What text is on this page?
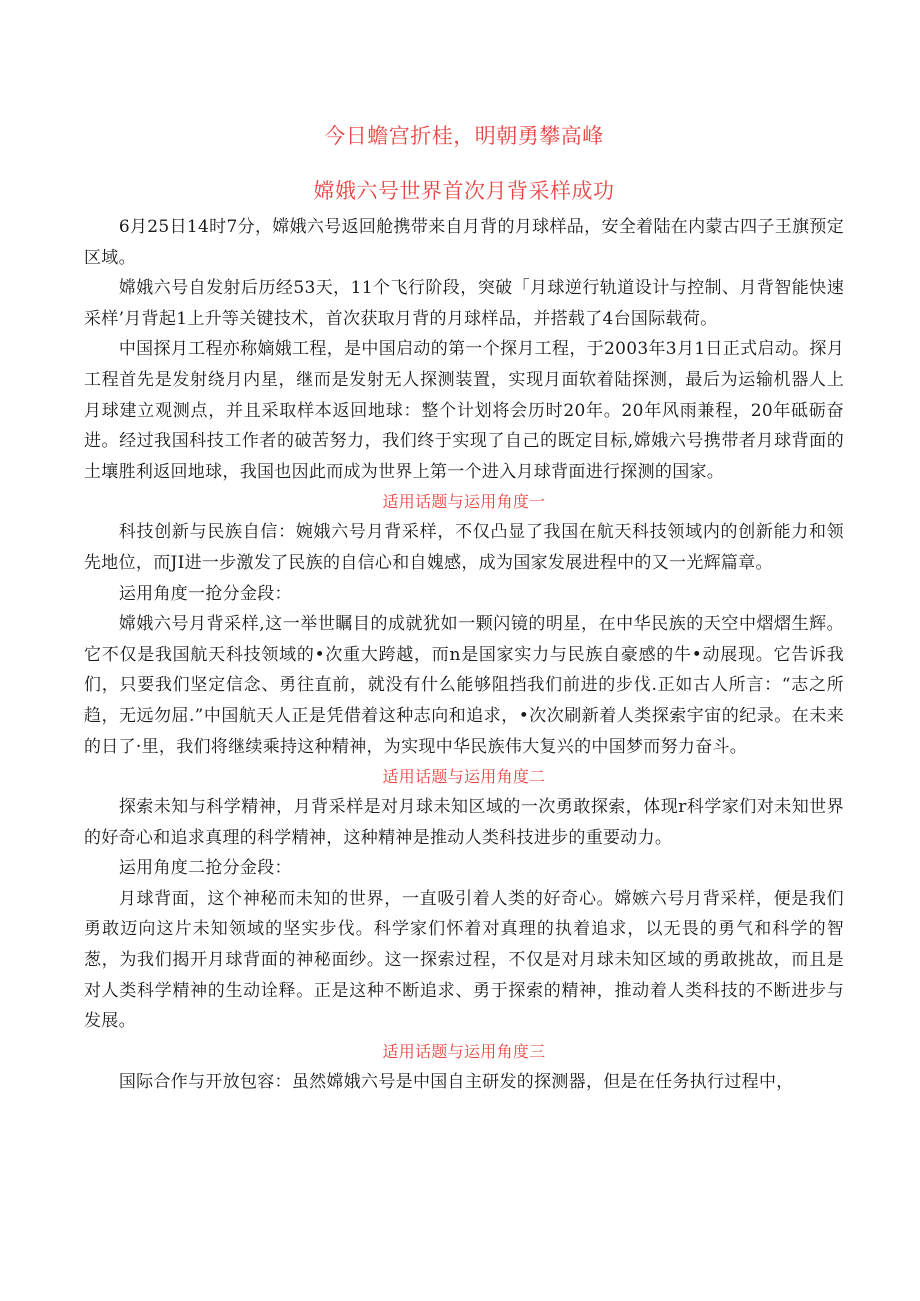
今日蟾宫折桂，明朝勇攀高峰
嫦娥六号世界首次月背采样成功

6月25日14时7分，嫦娥六号返回舱携带来自月背的月球样品，安全着陆在内蒙古四子王旗预定区域。

嫦娥六号自发射后历经53天，11个飞行阶段，突破「月球逆行轨道设计与控制、月背智能快速采样’月背起1上升等关键技术，首次获取月背的月球样品，并搭载了4台国际载荷。

中国探月工程亦称嫡娥工程，是中国启动的第一个探月工程，于2003年3月1日正式启动。探月工程首先是发射绕月内星，继而是发射无人探测装置，实现月面软着陆探测，最后为运输机器人上月球建立观测点，并且采取样本返回地球：整个计划将会历时20年。20年风雨兼程，20年砥砺奋进。经过我国科技工作者的破苦努力，我们终于实现了自己的既定目标,嫦娥六号携带者月球背面的土壤胜利返回地球，我国也因此而成为世界上第一个进入月球背面进行探测的国家。

适用话题与运用角度一

科技创新与民族自信：婉娥六号月背采样，不仅凸显了我国在航天科技领域内的创新能力和领先地位，而JI进一步激发了民族的自信心和自媿感，成为国家发展进程中的又一光辉篇章。

运用角度一抢分金段：

嫦娥六号月背采样,这一举世瞩目的成就犹如一颗闪镜的明星，在中华民族的天空中熠熠生辉。它不仅是我国航天科技领域的•次重大跨越，而n是国家实力与民族自豪感的牛•动展现。它告诉我们，只要我们坚定信念、勇往直前，就没有什么能够阻挡我们前进的步伐.正如古人所言：“志之所趋，无远勿屈.”中国航天人正是凭借着这种志向和追求，•次次刷新着人类探索宇宙的纪录。在未来的日了·里，我们将继续乘持这种精神，为实现中华民族伟大复兴的中国梦而努力奋斗。

适用话题与运用角度二

探索未知与科学精神，月背采样是对月球未知区域的一次勇敢探索，体现r科学家们对未知世界的好奇心和追求真理的科学精神，这种精神是推动人类科技进步的重要动力。

运用角度二抢分金段：

月球背面，这个神秘而未知的世界，一直吸引着人类的好奇心。嫦嫉六号月背采样，便是我们勇敢迈向这片未知领域的坚实步伐。科学家们怀着对真理的执着追求，以无畏的勇气和科学的智葱，为我们揭开月球背面的神秘面纱。这一探索过程，不仅是对月球未知区域的勇敢挑故，而且是对人类科学精神的生动诠释。正是这种不断追求、勇于探索的精神，推动着人类科技的不断进步与发展。

适用话题与运用角度三

国际合作与开放包容：虽然嫦娥六号是中国自主研发的探测器，但是在任务执行过程中，
